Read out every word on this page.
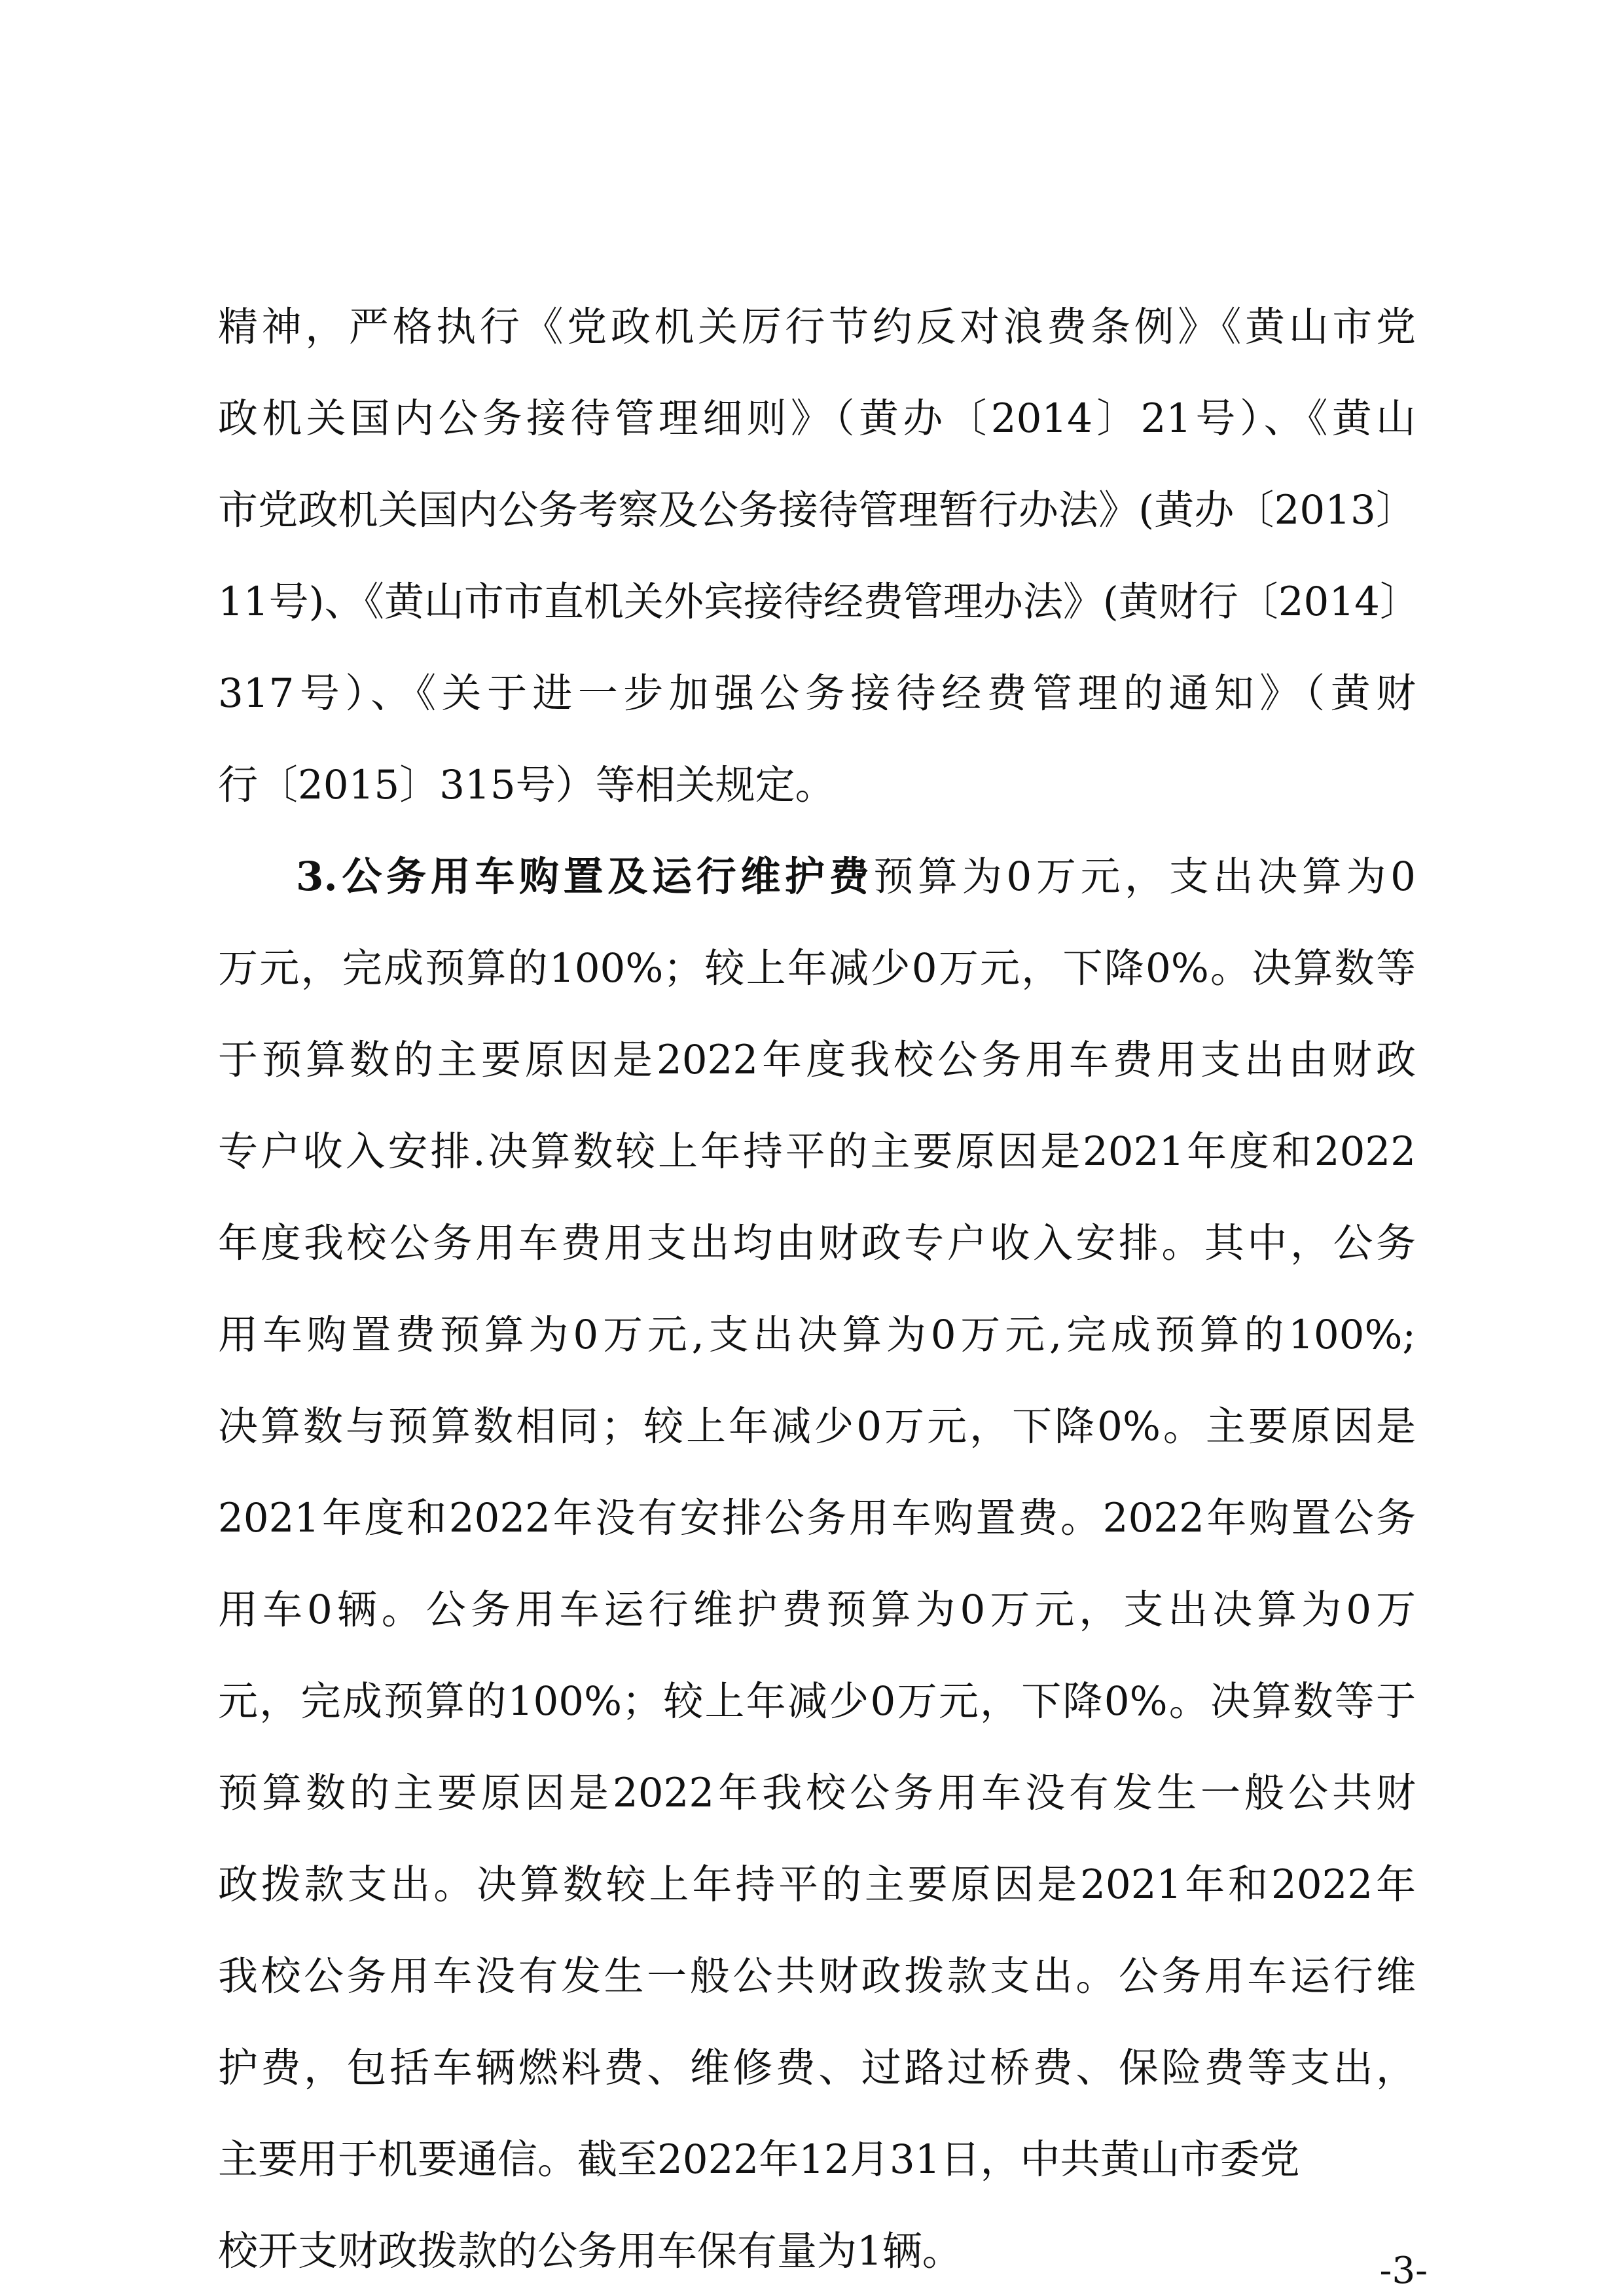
精神，严格执行《党政机关厉行节约反对浪费条例》《黄山市党
政机关国内公务接待管理细则》（黄办〔2014〕21号）、《黄山
市党政机关国内公务考察及公务接待管理暂行办法》(黄办〔2013〕
11号)、《黄山市市直机关外宾接待经费管理办法》(黄财行〔2014〕
317号）、《关于进一步加强公务接待经费管理的通知》（黄财
行〔2015〕315号）等相关规定。
3.公务用车购置及运行维护费预算为0万元，支出决算为0
万元，完成预算的100%；较上年减少0万元，下降0%。决算数等
于预算数的主要原因是2022年度我校公务用车费用支出由财政
专户收入安排.决算数较上年持平的主要原因是2021年度和2022
年度我校公务用车费用支出均由财政专户收入安排。其中，公务
用车购置费预算为0万元,支出决算为0万元,完成预算的100%;
决算数与预算数相同；较上年减少0万元，下降0%。主要原因是
2021年度和2022年没有安排公务用车购置费。2022年购置公务
用车0辆。公务用车运行维护费预算为0万元，支出决算为0万
元，完成预算的100%；较上年减少0万元，下降0%。决算数等于
预算数的主要原因是2022年我校公务用车没有发生一般公共财
政拨款支出。决算数较上年持平的主要原因是2021年和2022年
我校公务用车没有发生一般公共财政拨款支出。公务用车运行维
护费，包括车辆燃料费、维修费、过路过桥费、保险费等支出，
主要用于机要通信。截至2022年12月31日，中共黄山市委党
校开支财政拨款的公务用车保有量为1辆。	-3-
